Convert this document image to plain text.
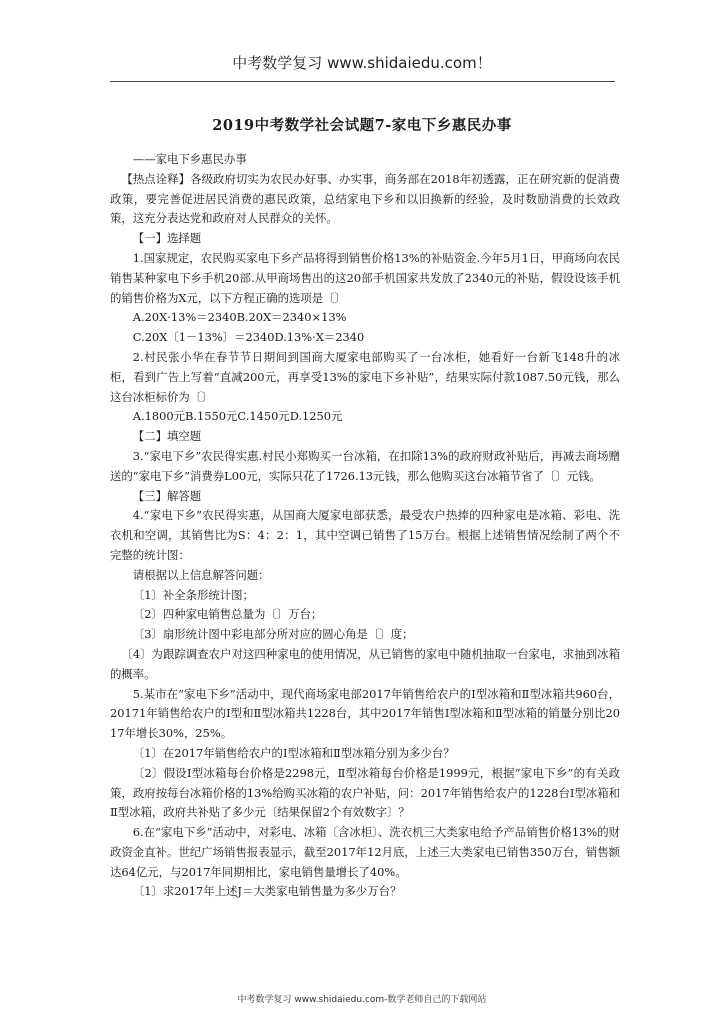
中考数学复习 www.shidaiedu.com！
2019中考数学社会试题7-家电下乡惠民办事

——家电下乡惠民办事

【热点诠释】各级政府切实为农民办好事、办实事，商务部在2018年初透露，正在研究新的促消费政策，要完善促进居民消费的惠民政策，总结家电下乡和以旧换新的经验，及时数励消费的长效政策，这充分表达党和政府对人民群众的关怀。

【一】选择题

1.国家规定，农民购买家电下乡产品将得到销售价格13%的补贴资金.今年5月1日，甲商场向农民销售某种家电下乡手机20部.从甲商场售出的这20部手机国家共发放了2340元的补贴，假设设该手机的销售价格为X元，以下方程正确的选项是〔〕

A.20X·13%＝2340B.20X＝2340×13%

C.20X〔1－13%〕＝2340D.13%·X＝2340

2.村民张小华在春节节日期间到国商大厦家电部购买了一台冰柜，她看好一台新飞148升的冰柜，看到广告上写着“直减200元，再享受13%的家电下乡补贴”，结果实际付款1087.50元钱，那么这台冰柜标价为〔〕

A.1800元B.1550元C.1450元D.1250元

【二】填空题

3.“家电下乡”农民得实惠.村民小郑购买一台冰箱，在扣除13%的政府财政补贴后，再减去商场赠送的“家电下乡”消费券L00元，实际只花了1726.13元钱，那么他购买这台冰箱节省了〔〕元钱。

【三】解答题

4.“家电下乡”农民得实惠，从国商大厦家电部获悉，最受农户热捧的四种家电是冰箱、彩电、洗衣机和空调，其销售比为S：4：2：1，其中空调已销售了15万台。根据上述销售情况绘制了两个不完整的统计图：

请根据以上信息解答问题：

〔1〕补全条形统计图；

〔2〕四种家电销售总量为〔〕万台；

〔3〕扇形统计图中彩电部分所对应的圆心角是〔〕度；

〔4〕为跟踪调查农户对这四种家电的使用情况，从已销售的家电中随机抽取一台家电，求抽到冰箱的概率。

5.某市在“家电下乡”活动中，现代商场家电部2017年销售给农户的Ⅰ型冰箱和Ⅱ型冰箱共960台，20171年销售给农户的Ⅰ型和Ⅱ型冰箱共1228台，其中2017年销售Ⅰ型冰箱和Ⅱ型冰箱的销量分别比2017年增长30%，25%。

〔1〕在2017年销售给农户的Ⅰ型冰箱和Ⅱ型冰箱分别为多少台？

〔2〕假设Ⅰ型冰箱每台价格是2298元，Ⅱ型冰箱每台价格是1999元，根据“家电下乡”的有关政策，政府按每台冰箱价格的13%给购买冰箱的农户补贴，问：2017年销售给农户的1228台Ⅰ型冰箱和Ⅱ型冰箱，政府共补贴了多少元〔结果保留2个有效数字〕？

6.在“家电下乡”活动中，对彩电、冰箱〔含冰柜〕、洗衣机三大类家电给予产品销售价格13%的财政资金直补。世纪广场销售报表显示，截至2017年12月底，上述三大类家电已销售350万台，销售额达64亿元，与2017年同期相比，家电销售量增长了40%。

〔1〕求2017年上述J＝大类家电销售量为多少万台？

中考数学复习 www.shidaiedu.com-数学老师自己的下载网站
